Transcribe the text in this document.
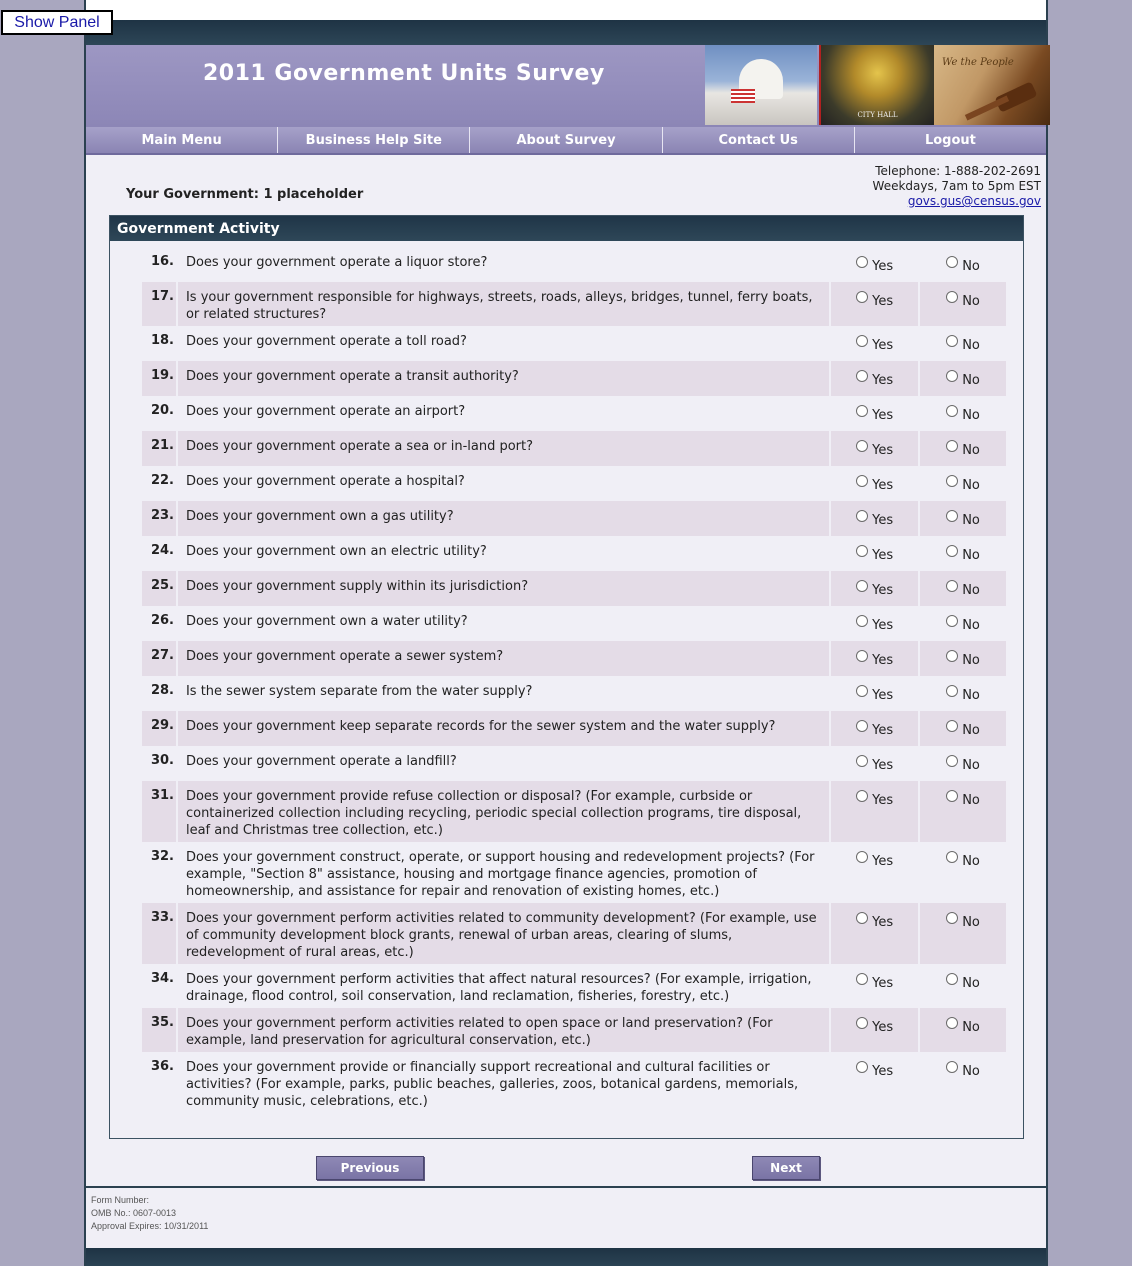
Show Panel
2011 Government Units Survey
CITY HALL
We the People
Main Menu	Business Help Site	About Survey	Contact Us	Logout
Your Government: 1 placeholder
Telephone: 1-888-202-2691
Weekdays, 7am to 5pm EST
govs.gus@census.gov
Government Activity
16. Does your government operate a liquor store?	Yes	No
17. Is your government responsible for highways, streets, roads, alleys, bridges, tunnel, ferry boats, or related structures?
Yes	No
18. Does your government operate a toll road?	Yes	No
19. Does your government operate a transit authority?	Yes	No
20. Does your government operate an airport?	Yes	No
21. Does your government operate a sea or in-land port?	Yes	No
22. Does your government operate a hospital?	Yes	No
23. Does your government own a gas utility?	Yes	No
24. Does your government own an electric utility?	Yes	No
25. Does your government supply within its jurisdiction?	Yes	No
26. Does your government own a water utility?	Yes	No
27. Does your government operate a sewer system?	Yes	No
28. Is the sewer system separate from the water supply?	Yes	No
29. Does your government keep separate records for the sewer system and the water supply?	Yes	No
30. Does your government operate a landfill?	Yes	No
31. Does your government provide refuse collection or disposal? (For example, curbside or containerized collection including recycling, periodic special collection programs, tire disposal, leaf and Christmas tree collection, etc.)
Yes	No
32. Does your government construct, operate, or support housing and redevelopment projects? (For example, "Section 8" assistance, housing and mortgage finance agencies, promotion of homeownership, and assistance for repair and renovation of existing homes, etc.)
Yes	No
33. Does your government perform activities related to community development? (For example, use of community development block grants, renewal of urban areas, clearing of slums, redevelopment of rural areas, etc.)
Yes	No
34. Does your government perform activities that affect natural resources? (For example, irrigation, drainage, flood control, soil conservation, land reclamation, fisheries, forestry, etc.)
Yes	No
35. Does your government perform activities related to open space or land preservation? (For example, land preservation for agricultural conservation, etc.)
Yes	No
36. Does your government provide or financially support recreational and cultural facilities or activities? (For example, parks, public beaches, galleries, zoos, botanical gardens, memorials, community music, celebrations, etc.)
Yes	No
Previous	Next
Form Number:
OMB No.: 0607-0013
Approval Expires: 10/31/2011
